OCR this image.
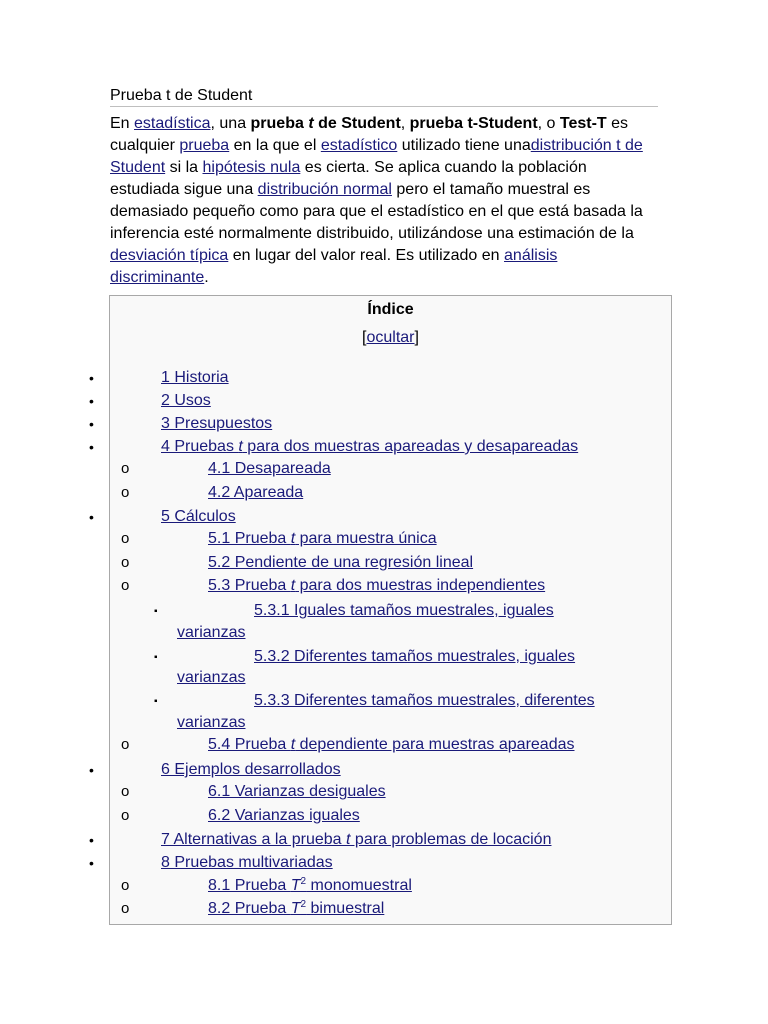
Prueba t de Student
En estadística, una prueba t de Student, prueba t-Student, o Test-T es cualquier prueba en la que el estadístico utilizado tiene unadistribución t de Student si la hipótesis nula es cierta. Se aplica cuando la población estudiada sigue una distribución normal pero el tamaño muestral es demasiado pequeño como para que el estadístico en el que está basada la inferencia esté normalmente distribuido, utilizándose una estimación de la desviación típica en lugar del valor real. Es utilizado en análisis discriminante.
Índice
[ocultar]
•	1 Historia
•	2 Usos
•	3 Presupuestos
•	4 Pruebas t para dos muestras apareadas y desapareadas
o	4.1 Desapareada
o	4.2 Apareada
•	5 Cálculos
o	5.1 Prueba t para muestra única
o	5.2 Pendiente de una regresión lineal
o	5.3 Prueba t para dos muestras independientes
▪	5.3.1 Iguales tamaños muestrales, iguales
varianzas
▪	5.3.2 Diferentes tamaños muestrales, iguales
varianzas
▪	5.3.3 Diferentes tamaños muestrales, diferentes
varianzas
o	5.4 Prueba t dependiente para muestras apareadas
•	6 Ejemplos desarrollados
o	6.1 Varianzas desiguales
o	6.2 Varianzas iguales
•	7 Alternativas a la prueba t para problemas de locación
•	8 Pruebas multivariadas
o	8.1 Prueba T$^2$ monomuestral
o	8.2 Prueba T$^2$ bimuestral
